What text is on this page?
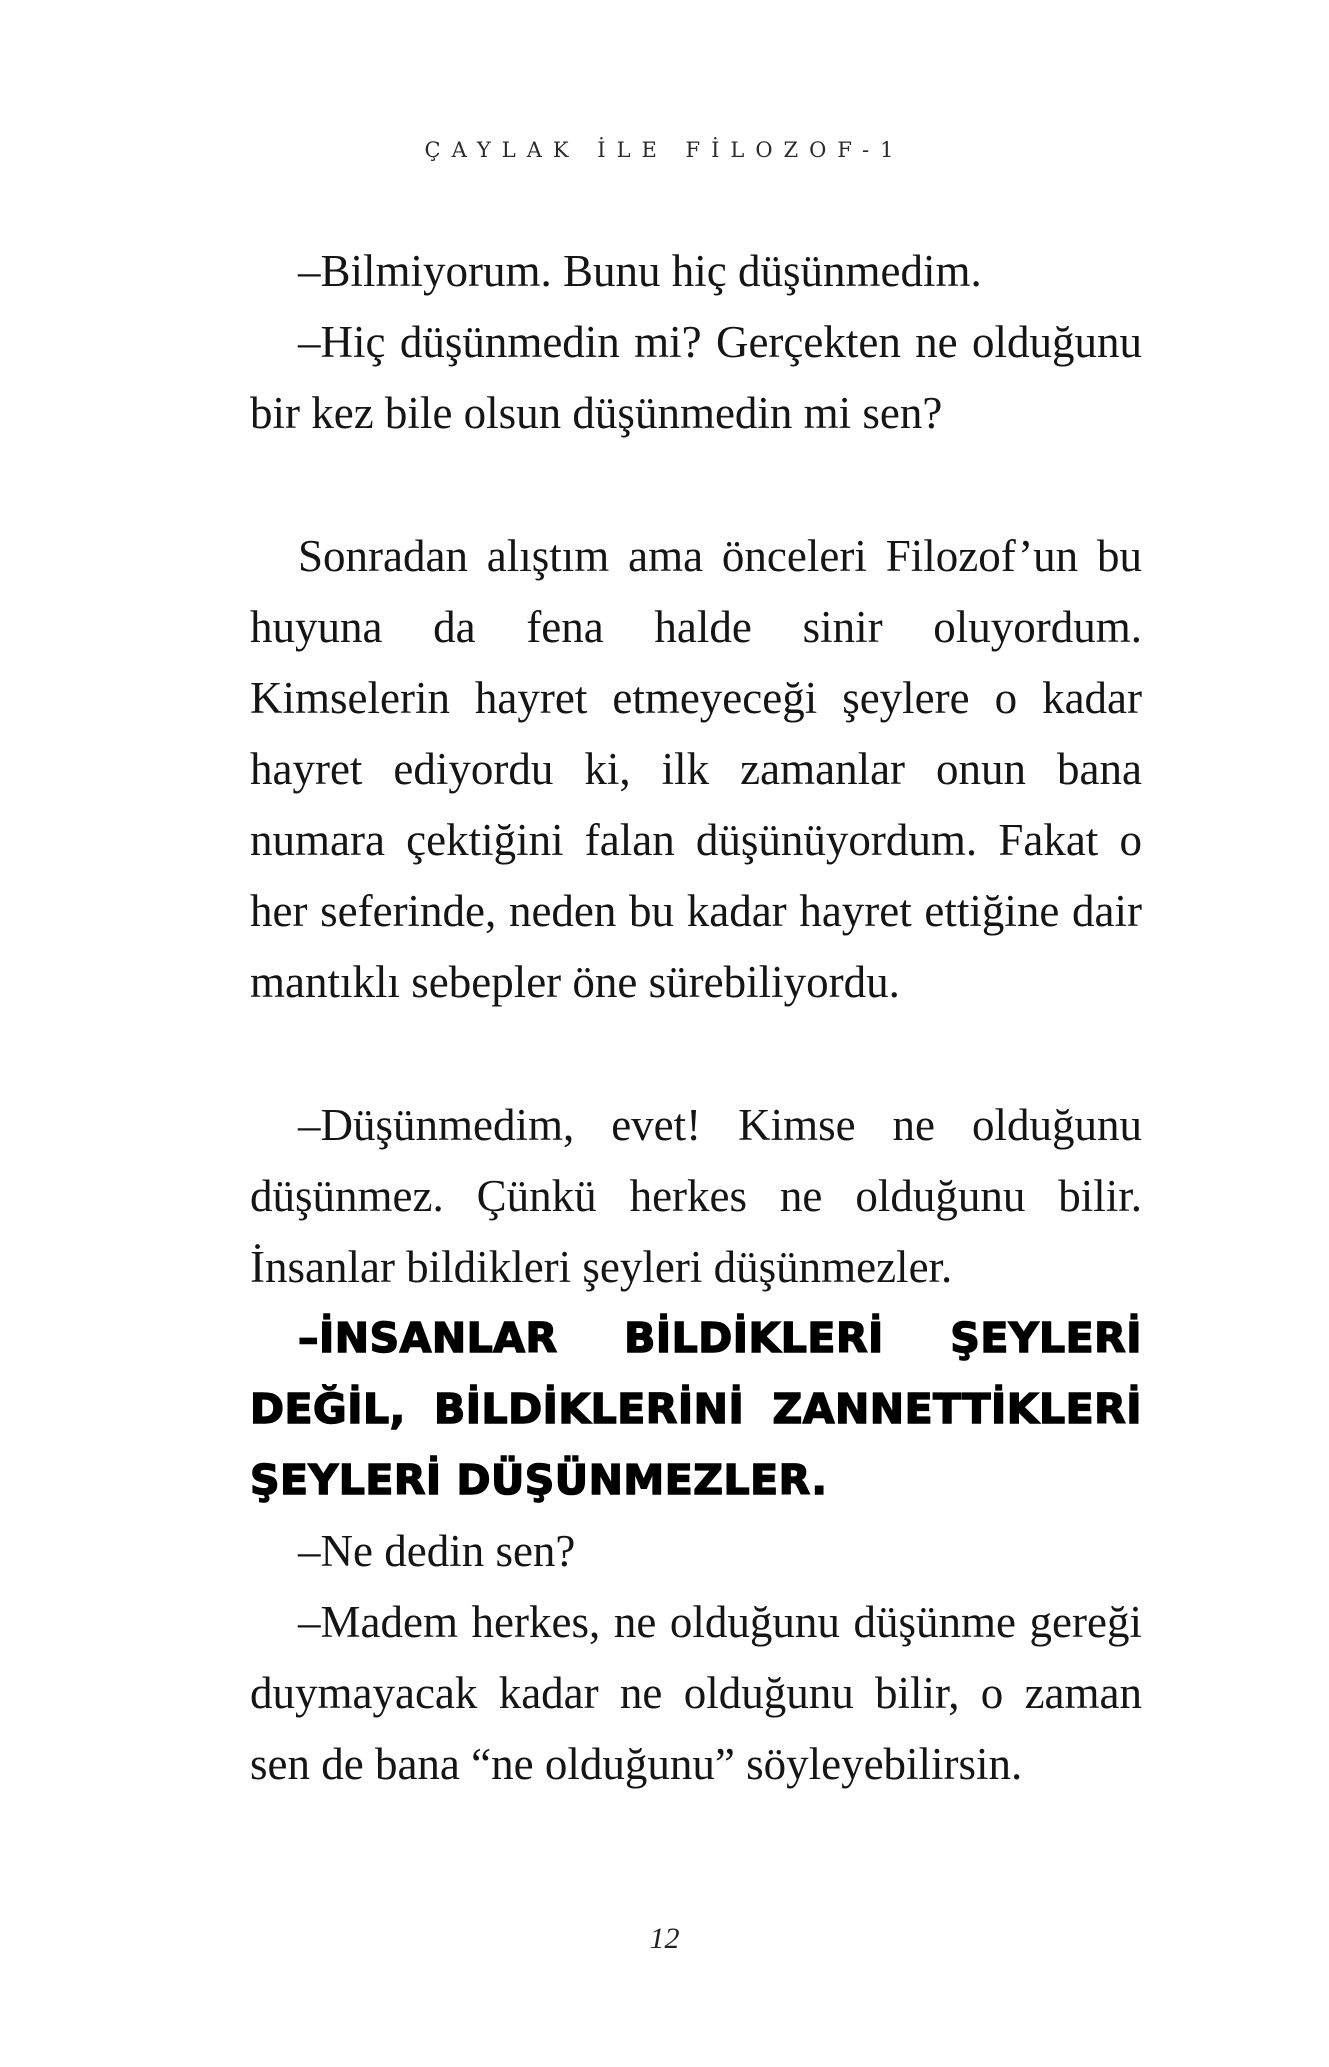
ÇAYLAK İLE FİLOZOF-1

–Bilmiyorum. Bunu hiç düşünmedim.

–Hiç düşünmedin mi? Gerçekten ne olduğunu bir kez bile olsun düşünmedin mi sen?

Sonradan alıştım ama önceleri Filozof’un bu huyuna da fena halde sinir oluyordum. Kimselerin hayret etmeyeceği şeylere o kadar hayret ediyordu ki, ilk zamanlar onun bana numara çektiğini falan düşünüyordum. Fakat o her seferinde, neden bu kadar hayret ettiğine dair mantıklı sebepler öne sürebiliyordu.

–Düşünmedim, evet! Kimse ne olduğunu düşünmez. Çünkü herkes ne olduğunu bilir. İnsanlar bildikleri şeyleri düşünmezler.

–İNSANLAR BİLDİKLERİ ŞEYLERİ DEĞİL, BİLDİKLERİNİ ZANNETTİKLERİ ŞEYLERİ DÜŞÜNMEZLER.

–Ne dedin sen?

–Madem herkes, ne olduğunu düşünme gereği duymayacak kadar ne olduğunu bilir, o zaman sen de bana “ne olduğunu” söyleyebilirsin.

12
